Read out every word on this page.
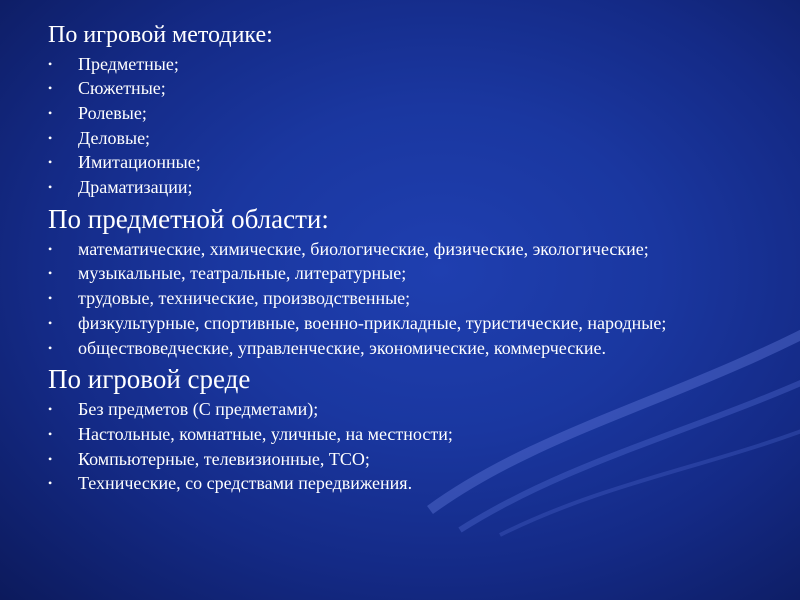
По игровой методике:
• Предметные;
• Сюжетные;
• Ролевые;
• Деловые;
• Имитационные;
• Драматизации;
По предметной области:
• математические, химические, биологические, физические, экологические;
• музыкальные, театральные, литературные;
• трудовые, технические, производственные;
• физкультурные, спортивные, военно-прикладные, туристические, народные;
• обществоведческие, управленческие, экономические, коммерческие.
По игровой среде
• Без предметов (С предметами);
• Настольные, комнатные, уличные, на местности;
• Компьютерные, телевизионные, ТСО;
• Технические, со средствами передвижения.
